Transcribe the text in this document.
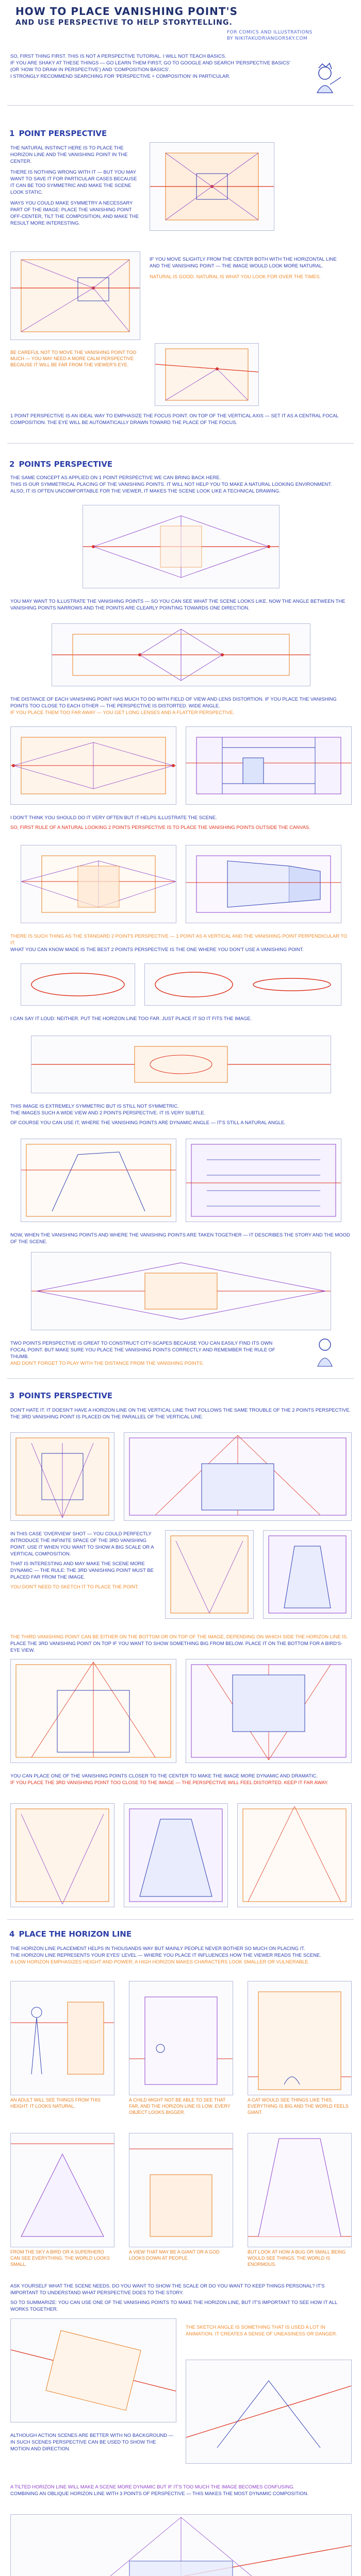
HOW TO PLACE VANISHING POINT'S
AND USE PERSPECTIVE TO HELP STORYTELLING.
FOR COMICS AND ILLUSTRATIONS
BY NIKITAKUDRIANGORSKY.COM
SO, FIRST THING FIRST. THIS IS NOT A PERSPECTIVE TUTORIAL. I WILL NOT TEACH BASICS.
IF YOU ARE SHAKY AT THESE THINGS — GO LEARN THEM FIRST, GO TO GOOGLE AND SEARCH 'PERSPECTIVE BASICS' (OR 'HOW TO DRAW IN PERSPECTIVE') AND 'COMPOSITION BASICS'.
I STRONGLY RECOMMEND SEARCHING FOR 'PERSPECTIVE + COMPOSITION' IN PARTICULAR.
1 POINT PERSPECTIVE
THE NATURAL INSTINCT HERE IS TO PLACE THE HORIZON LINE AND THE VANISHING POINT IN THE CENTER.
THERE IS NOTHING WRONG WITH IT — BUT YOU MAY WANT TO SAVE IT FOR PARTICULAR CASES BECAUSE IT CAN BE TOO SYMMETRIC AND MAKE THE SCENE LOOK STATIC.
WAYS YOU COULD MAKE SYMMETRY A NECESSARY PART OF THE IMAGE: PLACE THE VANISHING POINT OFF-CENTER, TILT THE COMPOSITION, AND MAKE THE RESULT MORE INTERESTING.
IF YOU MOVE SLIGHTLY FROM THE CENTER BOTH WITH THE HORIZONTAL LINE AND THE VANISHING POINT — THE IMAGE WOULD LOOK MORE NATURAL.
NATURAL IS GOOD. NATURAL IS WHAT YOU LOOK FOR OVER THE TIMES.
BE CAREFUL NOT TO MOVE THE VANISHING POINT TOO MUCH — YOU MAY NEED A MORE CALM PERSPECTIVE BECAUSE IT WILL BE FAR FROM THE VIEWER'S EYE.
1 POINT PERSPECTIVE IS AN IDEAL WAY TO EMPHASIZE THE FOCUS POINT. ON TOP OF THE VERTICAL AXIS — SET IT AS A CENTRAL FOCAL COMPOSITION. THE EYE WILL BE AUTOMATICALLY DRAWN TOWARD THE PLACE OF THE FOCUS.
2 POINTS PERSPECTIVE
THE SAME CONCEPT AS APPLIED ON 1 POINT PERSPECTIVE WE CAN BRING BACK HERE.
THIS IS OUR SYMMETRICAL PLACING OF THE VANISHING POINTS. IT WILL NOT HELP YOU TO MAKE A NATURAL LOOKING ENVIRONMENT.
ALSO, IT IS OFTEN UNCOMFORTABLE FOR THE VIEWER, IT MAKES THE SCENE LOOK LIKE A TECHNICAL DRAWING.
YOU MAY WANT TO ILLUSTRATE THE VANISHING POINTS — SO YOU CAN SEE WHAT THE SCENE LOOKS LIKE. NOW THE ANGLE BETWEEN THE VANISHING POINTS NARROWS AND THE POINTS ARE CLEARLY POINTING TOWARDS ONE DIRECTION.
THE DISTANCE OF EACH VANISHING POINT HAS MUCH TO DO WITH FIELD OF VIEW AND LENS DISTORTION. IF YOU PLACE THE VANISHING POINTS TOO CLOSE TO EACH OTHER — THE PERSPECTIVE IS DISTORTED. WIDE ANGLE.
IF YOU PLACE THEM TOO FAR AWAY — YOU GET LONG LENSES AND A FLATTER PERSPECTIVE.
I DON'T THINK YOU SHOULD DO IT VERY OFTEN BUT IT HELPS ILLUSTRATE THE SCENE.
SO, FIRST RULE OF A NATURAL LOOKING 2 POINTS PERSPECTIVE IS TO PLACE THE VANISHING POINTS OUTSIDE THE CANVAS.
THERE IS SUCH THING AS THE STANDARD 2 POINTS PERSPECTIVE — 1 POINT AS A VERTICAL AND THE VANISHING POINT PERPENDICULAR TO IT.
WHAT YOU CAN KNOW MADE IS THE BEST 2 POINTS PERSPECTIVE IS THE ONE WHERE YOU DON'T USE A VANISHING POINT.
I CAN SAY IT LOUD: NEITHER. PUT THE HORIZON LINE TOO FAR. JUST PLACE IT SO IT FITS THE IMAGE.
THIS IMAGE IS EXTREMELY SYMMETRIC BUT IS STILL NOT SYMMETRIC.
THE IMAGES SUCH A WIDE VIEW AND 2 POINTS PERSPECTIVE. IT IS VERY SUBTLE.
OF COURSE YOU CAN USE IT, WHERE THE VANISHING POINTS ARE DYNAMIC ANGLE — IT'S STILL A NATURAL ANGLE.
NOW, WHEN THE VANISHING POINTS AND WHERE THE VANISHING POINTS ARE TAKEN TOGETHER — IT DESCRIBES THE STORY AND THE MOOD OF THE SCENE.
TWO POINTS PERSPECTIVE IS GREAT TO CONSTRUCT CITY-SCAPES BECAUSE YOU CAN EASILY FIND ITS OWN FOCAL POINT. BUT MAKE SURE YOU PLACE THE VANISHING POINTS CORRECTLY AND REMEMBER THE RULE OF THUMB.
AND DON'T FORGET TO PLAY WITH THE DISTANCE FROM THE VANISHING POINTS.
3 POINTS PERSPECTIVE
DON'T HATE IT. IT DOESN'T HAVE A HORIZON LINE ON THE VERTICAL LINE THAT FOLLOWS THE SAME TROUBLE OF THE 2 POINTS PERSPECTIVE. THE 3RD VANISHING POINT IS PLACED ON THE PARALLEL OF THE VERTICAL LINE.
IN THIS CASE 'OVERVIEW' SHOT — YOU COULD PERFECTLY INTRODUCE THE INFINITE SPACE OF THE 3RD VANISHING POINT. USE IT WHEN YOU WANT TO SHOW A BIG SCALE OR A VERTICAL COMPOSITION.
THAT IS INTERESTING AND MAY MAKE THE SCENE MORE DYNAMIC — THE RULE: THE 3RD VANISHING POINT MUST BE PLACED FAR FROM THE IMAGE.
YOU DON'T NEED TO SKETCH IT TO PLACE THE POINT.
THE THIRD VANISHING POINT CAN BE EITHER ON THE BOTTOM OR ON TOP OF THE IMAGE, DEPENDING ON WHICH SIDE THE HORIZON LINE IS.
PLACE THE 3RD VANISHING POINT ON TOP IF YOU WANT TO SHOW SOMETHING BIG FROM BELOW. PLACE IT ON THE BOTTOM FOR A BIRD'S-EYE VIEW.
YOU CAN PLACE ONE OF THE VANISHING POINTS CLOSER TO THE CENTER TO MAKE THE IMAGE MORE DYNAMIC AND DRAMATIC.
IF YOU PLACE THE 3RD VANISHING POINT TOO CLOSE TO THE IMAGE — THE PERSPECTIVE WILL FEEL DISTORTED. KEEP IT FAR AWAY.
4 PLACE THE HORIZON LINE
THE HORIZON LINE PLACEMENT HELPS IN THOUSANDS WAY BUT MAINLY PEOPLE NEVER BOTHER SO MUCH ON PLACING IT.
THE HORIZON LINE REPRESENTS YOUR EYES' LEVEL — WHERE YOU PLACE IT INFLUENCES HOW THE VIEWER READS THE SCENE.
A LOW HORIZON EMPHASIZES HEIGHT AND POWER; A HIGH HORIZON MAKES CHARACTERS LOOK SMALLER OR VULNERABLE.
AN ADULT WILL SEE THINGS FROM THIS HEIGHT. IT LOOKS NATURAL.
A CHILD MIGHT NOT BE ABLE TO SEE THAT FAR, AND THE HORIZON LINE IS LOW. EVERY OBJECT LOOKS BIGGER.
A CAT WOULD SEE THINGS LIKE THIS. EVERYTHING IS BIG AND THE WORLD FEELS GIANT.
FROM THE SKY A BIRD OR A SUPERHERO CAN SEE EVERYTHING. THE WORLD LOOKS SMALL.
A VIEW THAT MAY BE A GIANT OR A GOD LOOKS DOWN AT PEOPLE.
BUT LOOK AT HOW A BUG OR SMALL BEING WOULD SEE THINGS. THE WORLD IS ENORMOUS.
ASK YOURSELF WHAT THE SCENE NEEDS. DO YOU WANT TO SHOW THE SCALE OR DO YOU WANT TO KEEP THINGS PERSONAL? IT'S IMPORTANT TO UNDERSTAND WHAT PERSPECTIVE DOES TO THE STORY.
SO TO SUMMARIZE: YOU CAN USE ONE OF THE VANISHING POINTS TO MAKE THE HORIZON LINE, BUT IT'S IMPORTANT TO SEE HOW IT ALL WORKS TOGETHER.
THE SKETCH ANGLE IS SOMETHING THAT IS USED A LOT IN ANIMATION. IT CREATES A SENSE OF UNEASINESS OR DANGER.
ALTHOUGH ACTION SCENES ARE BETTER WITH NO BACKGROUND — IN SUCH SCENES PERSPECTIVE CAN BE USED TO SHOW THE MOTION AND DIRECTION.
A TILTED HORIZON LINE WILL MAKE A SCENE MORE DYNAMIC BUT IF IT'S TOO MUCH THE IMAGE BECOMES CONFUSING.
COMBINING AN OBLIQUE HORIZON LINE WITH 3 POINTS OF PERSPECTIVE — THIS MAKES THE MOST DYNAMIC COMPOSITION.
